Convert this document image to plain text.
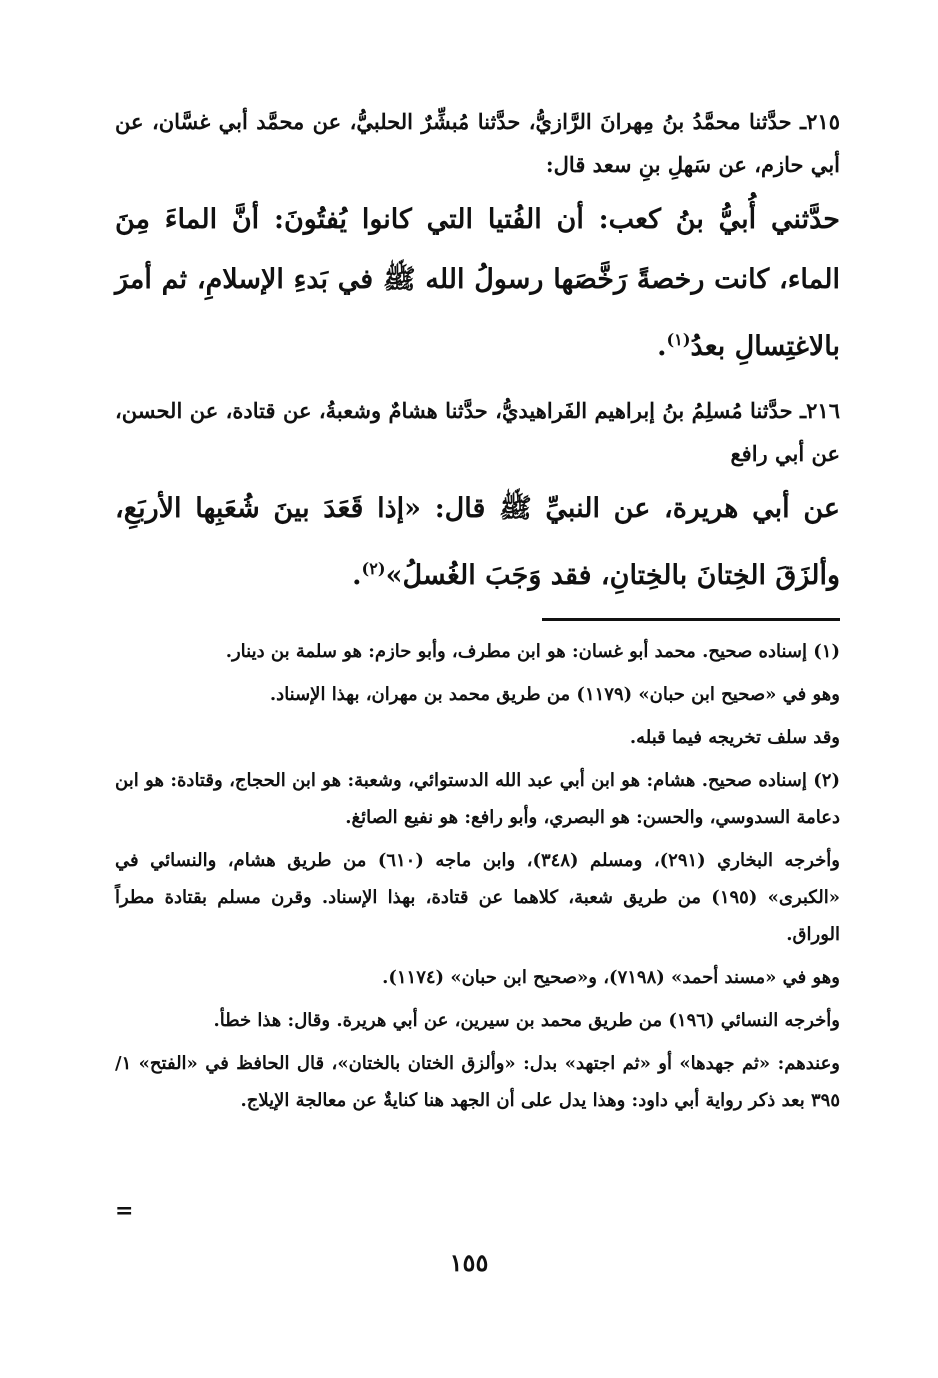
٢١٥ـ حدَّثنا محمَّدُ بنُ مِهرانَ الرَّازيُّ، حدَّثنا مُبشِّرٌ الحلبيُّ، عن محمَّد أبي غسَّان، عن أبي حازم، عن سَهلِ بنِ سعد قال:

حدَّثني أُبيُّ بنُ كعب: أن الفُتيا التي كانوا يُفتُونَ: أنَّ الماءَ مِنَ الماء، كانت رخصةً رَخَّصَها رسولُ الله ﷺ في بَدءِ الإسلامِ، ثم أمرَ بالاغتِسالِ بعدُ$^{(١)}$.

٢١٦ـ حدَّثنا مُسلِمُ بنُ إبراهيم الفَراهيديُّ، حدَّثنا هشامٌ وشعبةُ، عن قتادة، عن الحسن، عن أبي رافع

عن أبي هريرة، عن النبيِّ ﷺ قال: «إذا قَعَدَ بينَ شُعَبِها الأربَعِ، وألزَقَ الخِتانَ بالخِتانِ، فقد وَجَبَ الغُسلُ»$^{(٢)}$.

(١) إسناده صحيح. محمد أبو غسان: هو ابن مطرف، وأبو حازم: هو سلمة بن دينار.

وهو في «صحيح ابن حبان» (١١٧٩) من طريق محمد بن مهران، بهذا الإسناد.

وقد سلف تخريجه فيما قبله.

(٢) إسناده صحيح. هشام: هو ابن أبي عبد الله الدستوائي، وشعبة: هو ابن الحجاج، وقتادة: هو ابن دعامة السدوسي، والحسن: هو البصري، وأبو رافع: هو نفيع الصائغ.

وأخرجه البخاري (٢٩١)، ومسلم (٣٤٨)، وابن ماجه (٦١٠) من طريق هشام، والنسائي في «الكبرى» (١٩٥) من طريق شعبة، كلاهما عن قتادة، بهذا الإسناد. وقرن مسلم بقتادة مطراً الوراق.

وهو في «مسند أحمد» (٧١٩٨)، و«صحيح ابن حبان» (١١٧٤).

وأخرجه النسائي (١٩٦) من طريق محمد بن سيرين، عن أبي هريرة. وقال: هذا خطأ.

وعندهم: «ثم جهدها» أو «ثم اجتهد» بدل: «وألزق الختان بالختان»، قال الحافظ في «الفتح» ١/ ٣٩٥ بعد ذكر رواية أبي داود: وهذا يدل على أن الجهد هنا كنايةٌ عن معالجة الإيلاج.

=
١٥٥
